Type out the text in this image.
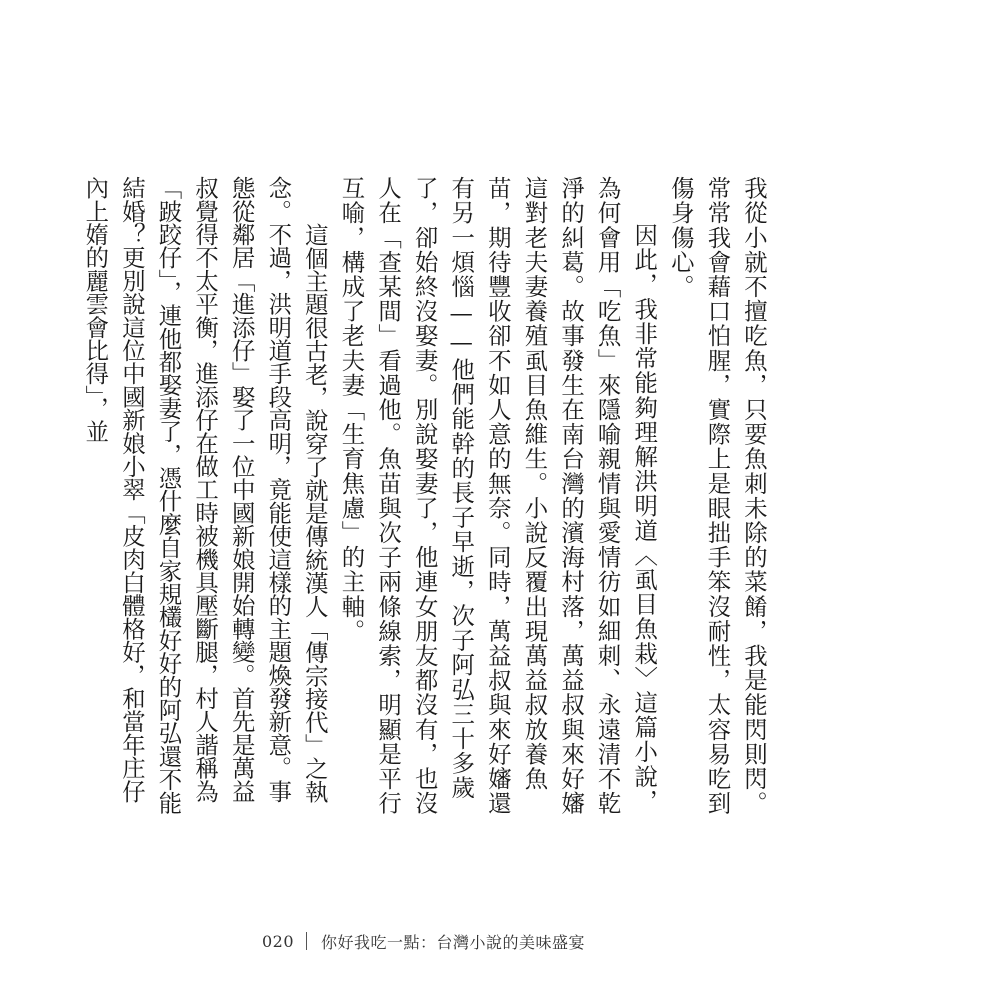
我從小就不擅吃魚，只要魚刺未除的菜餚，我是能閃則閃。常常我會藉口怕腥，實際上是眼拙手笨沒耐性，太容易吃到傷身傷心。

因此，我非常能夠理解洪明道〈虱目魚栽〉這篇小說，為何會用「吃魚」來隱喻親情與愛情彷如細刺、永遠清不乾淨的糾葛。故事發生在南台灣的濱海村落，萬益叔與來好嬸這對老夫妻養殖虱目魚維生。小說反覆出現萬益叔放養魚苗，期待豐收卻不如人意的無奈。同時，萬益叔與來好嬸還有另一煩惱——他們能幹的長子早逝，次子阿弘三十多歲了，卻始終沒娶妻。別說娶妻了，他連女朋友都沒有，也沒人在「查某間」看過他。魚苗與次子兩條線索，明顯是平行互喻，構成了老夫妻「生育焦慮」的主軸。

這個主題很古老，說穿了就是傳統漢人「傳宗接代」之執念。不過，洪明道手段高明，竟能使這樣的主題煥發新意。事態從鄰居「進添仔」娶了一位中國新娘開始轉變。首先是萬益叔覺得不太平衡，進添仔在做工時被機具壓斷腿，村人諧稱為「跛跤仔」，連他都娶妻了，憑什麼自家規欉好好的阿弘還不能結婚？更別說這位中國新娘小翠「皮肉白體格好，和當年庄仔內上媠的麗雲會比得」，並

020 你好我吃一點：台灣小說的美味盛宴
